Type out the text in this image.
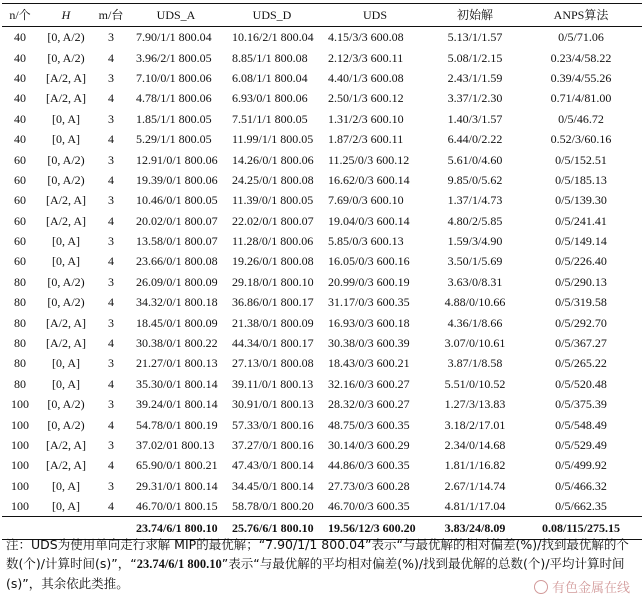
n/个	H	m/台	UDS_A	UDS_D	UDS	初始解	ANPS算法
40	[0, A/2)	3	7.90/1/1 800.04	10.16/2/1 800.04	4.15/3/3 600.08	5.13/1/1.57	0/5/71.06
40	[0, A/2)	4	3.96/2/1 800.05	8.85/1/1 800.08	2.12/3/3 600.11	5.08/1/2.15	0.23/4/58.22
40	[A/2, A]	3	7.10/0/1 800.06	6.08/1/1 800.04	4.40/1/3 600.08	2.43/1/1.59	0.39/4/55.26
40	[A/2, A]	4	4.78/1/1 800.06	6.93/0/1 800.06	2.50/1/3 600.12	3.37/1/2.30	0.71/4/81.00
40	[0, A]	3	1.85/1/1 800.05	7.51/1/1 800.05	1.31/2/3 600.10	1.40/3/1.57	0/5/46.72
40	[0, A]	4	5.29/1/1 800.05	11.99/1/1 800.05	1.87/2/3 600.11	6.44/0/2.22	0.52/3/60.16
60	[0, A/2)	3	12.91/0/1 800.06	14.26/0/1 800.06	11.25/0/3 600.12	5.61/0/4.60	0/5/152.51
60	[0, A/2)	4	19.39/0/1 800.06	24.25/0/1 800.08	16.62/0/3 600.14	9.85/0/5.62	0/5/185.13
60	[A/2, A]	3	10.46/0/1 800.05	11.39/0/1 800.05	7.69/0/3 600.10	1.37/1/4.73	0/5/139.30
60	[A/2, A]	4	20.02/0/1 800.07	22.02/0/1 800.07	19.04/0/3 600.14	4.80/2/5.85	0/5/241.41
60	[0, A]	3	13.58/0/1 800.07	11.28/0/1 800.06	5.85/0/3 600.13	1.59/3/4.90	0/5/149.14
60	[0, A]	4	23.66/0/1 800.08	19.26/0/1 800.08	16.05/0/3 600.16	3.50/1/5.69	0/5/226.40
80	[0, A/2)	3	26.09/0/1 800.09	29.18/0/1 800.10	20.99/0/3 600.19	3.63/0/8.31	0/5/290.13
80	[0, A/2)	4	34.32/0/1 800.18	36.86/0/1 800.17	31.17/0/3 600.35	4.88/0/10.66	0/5/319.58
80	[A/2, A]	3	18.45/0/1 800.09	21.38/0/1 800.09	16.93/0/3 600.18	4.36/1/8.66	0/5/292.70
80	[A/2, A]	4	30.38/0/1 800.22	44.34/0/1 800.17	30.38/0/3 600.39	3.07/0/10.61	0/5/367.27
80	[0, A]	3	21.27/0/1 800.13	27.13/0/1 800.08	18.43/0/3 600.21	3.87/1/8.58	0/5/265.22
80	[0, A]	4	35.30/0/1 800.14	39.11/0/1 800.13	32.16/0/3 600.27	5.51/0/10.52	0/5/520.48
100	[0, A/2)	3	39.24/0/1 800.14	30.91/0/1 800.13	28.32/0/3 600.27	1.27/3/13.83	0/5/375.39
100	[0, A/2)	4	54.78/0/1 800.19	57.33/0/1 800.16	48.75/0/3 600.35	3.18/2/17.01	0/5/548.49
100	[A/2, A]	3	37.02/01 800.13	37.27/0/1 800.16	30.14/0/3 600.29	2.34/0/14.68	0/5/529.49
100	[A/2, A]	4	65.90/0/1 800.21	47.43/0/1 800.14	44.86/0/3 600.35	1.81/1/16.82	0/5/499.92
100	[0, A]	3	29.31/0/1 800.14	34.45/0/1 800.14	27.73/0/3 600.28	2.67/1/14.74	0/5/466.32
100	[0, A]	4	46.70/0/1 800.15	58.78/0/1 800.20	46.70/0/3 600.35	4.81/1/17.04	0/5/662.35
			23.74/6/1 800.10	25.76/6/1 800.10	19.56/12/3 600.20	3.83/24/8.09	0.08/115/275.15
注：UDS为使用单向走行求解 MIP的最优解；“7.90/1/1 800.04”表示“与最优解的相对偏差(%)/找到最优解的个数(个)/计算时间(s)”，“23.74/6/1 800.10”表示“与最优解的平均相对偏差(%)/找到最优解的总数(个)/平均计算时间(s)”，其余依此类推。	有色金属在线
